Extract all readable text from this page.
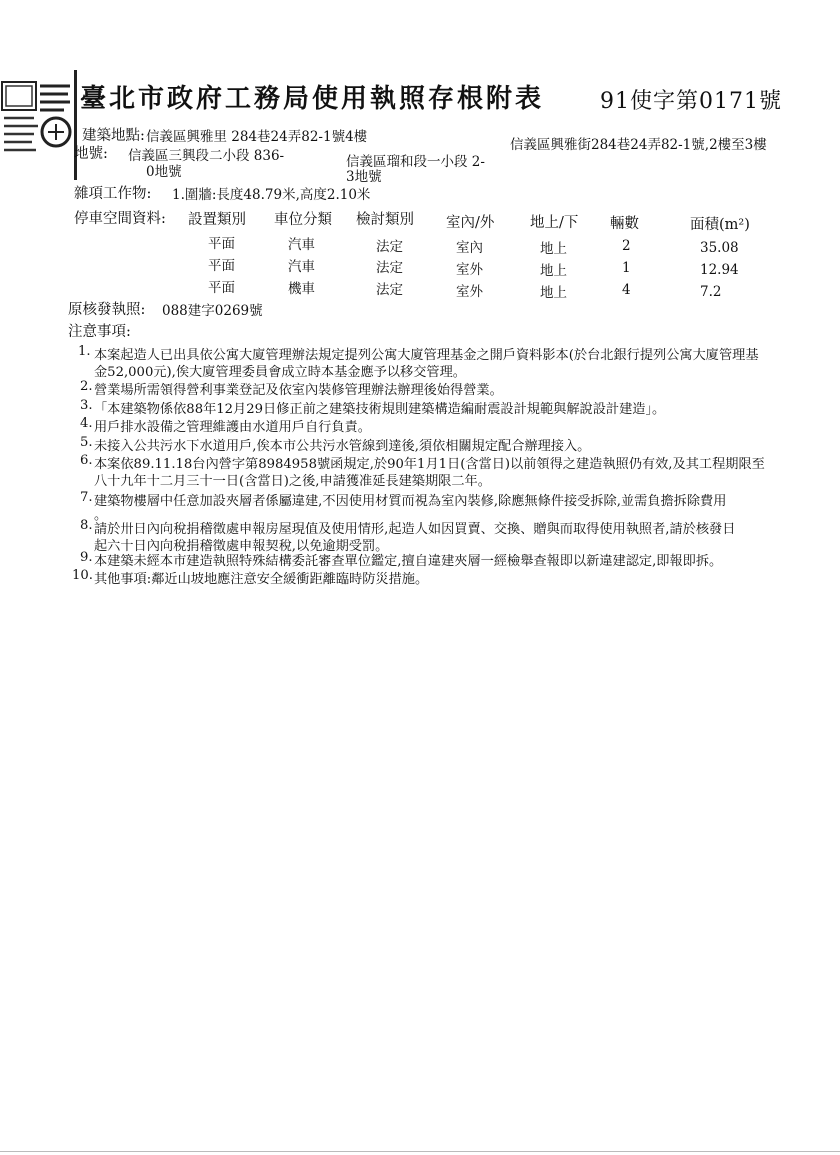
臺北市政府工務局使用執照存根附表	91使字第0171號
建築地點: 信義區興雅里 284巷24弄82-1號4樓	信義區興雅街284巷24弄82-1號,2樓至3樓
地號: 信義區三興段二小段 836-
0地號
信義區瑠和段一小段 2-
3地號
雜項工作物: 1.圍牆:長度48.79米,高度2.10米
停車空間資料: 設置類別 車位分類 檢討類別 室內/外 地上/下 輛數	面積(m²)
平面	汽車	法定	室內	地上	2	35.08
平面	汽車	法定	室外	地上	1	12.94
平面	機車	法定	室外	地上	4	7.2
原核發執照: 088建字0269號
注意事項:
1. 本案起造人已出具依公寓大廈管理辦法規定提列公寓大廈管理基金之開戶資料影本(於台北銀行提列公寓大廈管理基
金52,000元),俟大廈管理委員會成立時本基金應予以移交管理。
2. 營業場所需領得營利事業登記及依室內裝修管理辦法辦理後始得營業。
3. 「本建築物係依88年12月29日修正前之建築技術規則建築構造編耐震設計規範與解說設計建造」。
4. 用戶排水設備之管理維護由水道用戶自行負責。
5. 未接入公共污水下水道用戶,俟本市公共污水管線到達後,須依相關規定配合辦理接入。
6. 本案依89.11.18台內營字第8984958號函規定,於90年1月1日(含當日)以前領得之建造執照仍有效,及其工程期限至
八十九年十二月三十一日(含當日)之後,申請獲准延長建築期限二年。
7. 建築物樓層中任意加設夾層者係屬違建,不因使用材質而視為室內裝修,除應無條件接受拆除,並需負擔拆除費用
。
8. 請於卅日內向稅捐稽徵處申報房屋現值及使用情形,起造人如因買賣、交換、贈與而取得使用執照者,請於核發日
起六十日內向稅捐稽徵處申報契稅,以免逾期受罰。
9. 本建築未經本市建造執照特殊結構委託審查單位鑑定,擅自違建夾層一經檢舉查報即以新違建認定,即報即拆。
10. 其他事項:鄰近山坡地應注意安全緩衝距離臨時防災措施。
